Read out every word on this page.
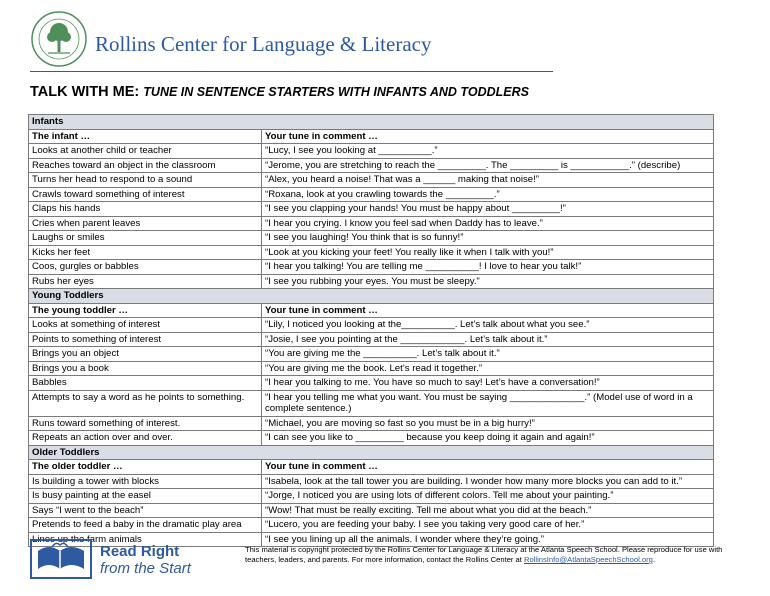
Rollins Center for Language & Literacy
TALK WITH ME: TUNE IN SENTENCE STARTERS WITH INFANTS AND TODDLERS
Infants	
The infant …	Your tune in comment …
Looks at another child or teacher	“Lucy, I see you looking at __________.”
Reaches toward an object in the classroom	“Jerome, you are stretching to reach the _________. The _________ is ___________.” (describe)
Turns her head to respond to a sound	“Alex, you heard a noise! That was a ______ making that noise!”
Crawls toward something of interest	“Roxana, look at you crawling towards the _________.”
Claps his hands	“I see you clapping your hands! You must be happy about _________!”
Cries when parent leaves	“I hear you crying. I know you feel sad when Daddy has to leave.”
Laughs or smiles	“I see you laughing! You think that is so funny!”
Kicks her feet	“Look at you kicking your feet! You really like it when I talk with you!”
Coos, gurgles or babbles	“I hear you talking! You are telling me __________! I love to hear you talk!”
Rubs her eyes	“I see you rubbing your eyes. You must be sleepy.”
Young Toddlers	
The young toddler …	Your tune in comment …
Looks at something of interest	“Lily, I noticed you looking at the__________. Let’s talk about what you see.”
Points to something of interest	“Josie, I see you pointing at the ____________. Let’s talk about it.”
Brings you an object	“You are giving me the __________. Let’s talk about it.”
Brings you a book	“You are giving me the book. Let’s read it together.”
Babbles	“I hear you talking to me. You have so much to say! Let’s have a conversation!”
Attempts to say a word as he points to something.	“I hear you telling me what you want. You must be saying ______________.” (Model use of word in a complete sentence.)
Runs toward something of interest.	“Michael, you are moving so fast so you must be in a big hurry!”
Repeats an action over and over.	“I can see you like to _________ because you keep doing it again and again!”
Older Toddlers	
The older toddler …	Your tune in comment …
Is building a tower with blocks	“Isabela, look at the tall tower you are building. I wonder how many more blocks you can add to it.”
Is busy painting at the easel	“Jorge, I noticed you are using lots of different colors. Tell me about your painting.”
Says “I went to the beach”	“Wow! That must be really exciting. Tell me about what you did at the beach.”
Pretends to feed a baby in the dramatic play area	“Lucero, you are feeding your baby. I see you taking very good care of her.”
Lines up the farm animals	“I see you lining up all the animals. I wonder where they’re going.”
Read Right
from the Start
This material is copyright protected by the Rollins Center for Language & Literacy at the Atlanta Speech School. Please reproduce for use with teachers, leaders, and parents. For more information, contact the Rollins Center at RollinsInfo@AtlantaSpeechSchool.org.
